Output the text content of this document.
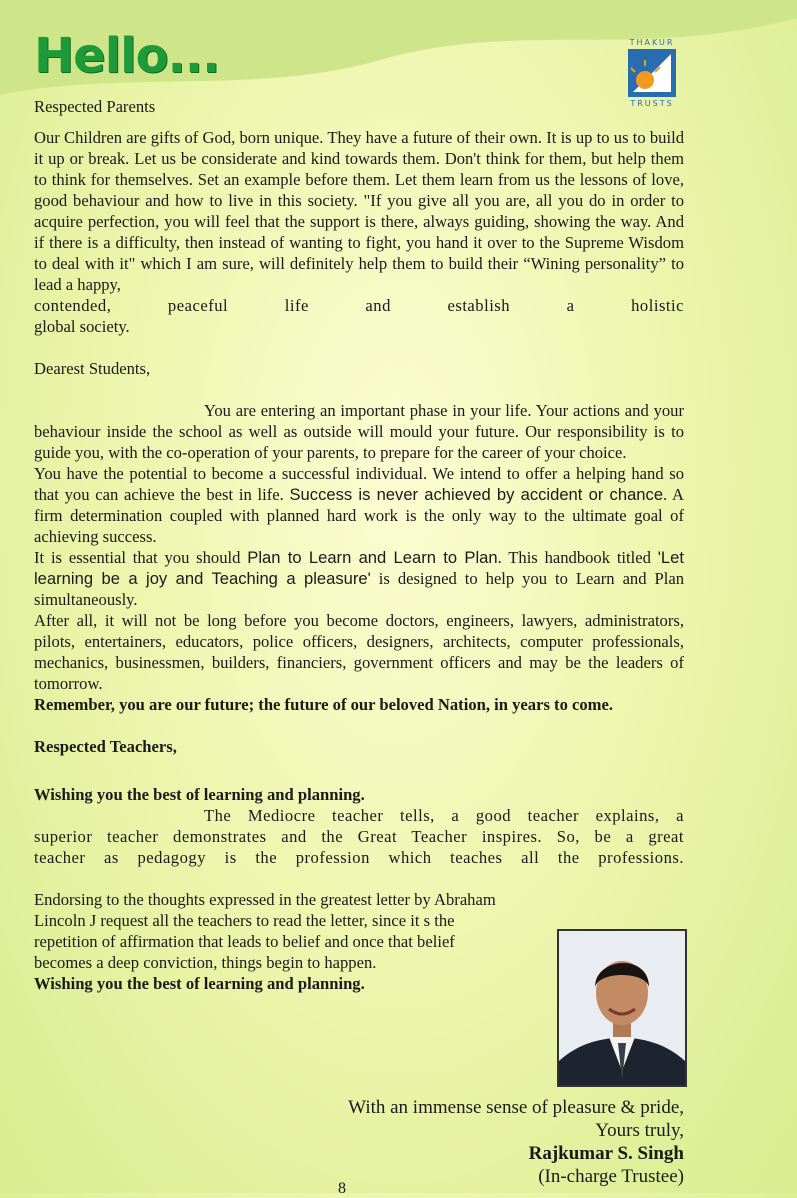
Hello...	THAKUR
TRUSTS

Respected Parents

Our Children are gifts of God, born unique. They have a future of their own. It is up to us to build it up or break. Let us be considerate and kind towards them. Don't think for them, but help them to think for themselves. Set an example before them. Let them learn from us the lessons of love, good behaviour and how to live in this society. "If you give all you are, all you do in order to acquire perfection, you will feel that the support is there, always guiding, showing the way. And if there is a difficulty, then instead of wanting to fight, you hand it over to the Supreme Wisdom to deal with it" which I am sure, will definitely help them to build their “Wining personality” to lead a happy,

contended, peaceful life and establish a holistic

global society.

Dearest Students,

You are entering an important phase in your life. Your actions and your behaviour inside the school as well as outside will mould your future. Our responsibility is to guide you, with the co-operation of your parents, to prepare for the career of your choice.

You have the potential to become a successful individual. We intend to offer a helping hand so that you can achieve the best in life. Success is never achieved by accident or chance. A firm determination coupled with planned hard work is the only way to the ultimate goal of achieving success.

It is essential that you should Plan to Learn and Learn to Plan. This handbook titled 'Let learning be a joy and Teaching a pleasure' is designed to help you to Learn and Plan simultaneously.

After all, it will not be long before you become doctors, engineers, lawyers, administrators, pilots, entertainers, educators, police officers, designers, architects, computer professionals, mechanics, businessmen, builders, financiers, government officers and may be the leaders of tomorrow.

Remember, you are our future; the future of our beloved Nation, in years to come.

Respected Teachers,

Wishing you the best of learning and planning.

The Mediocre teacher tells, a good teacher explains, a superior teacher demonstrates and the Great Teacher inspires. So, be a great teacher as pedagogy is the profession which teaches all the professions.

Endorsing to the thoughts expressed in the greatest letter by Abraham Lincoln J request all the teachers to read the letter, since it s the repetition of affirmation that leads to belief and once that belief becomes a deep conviction, things begin to happen.

Wishing you the best of learning and planning.

With an immense sense of pleasure & pride,
Yours truly,
Rajkumar S. Singh
(In-charge Trustee)
8
